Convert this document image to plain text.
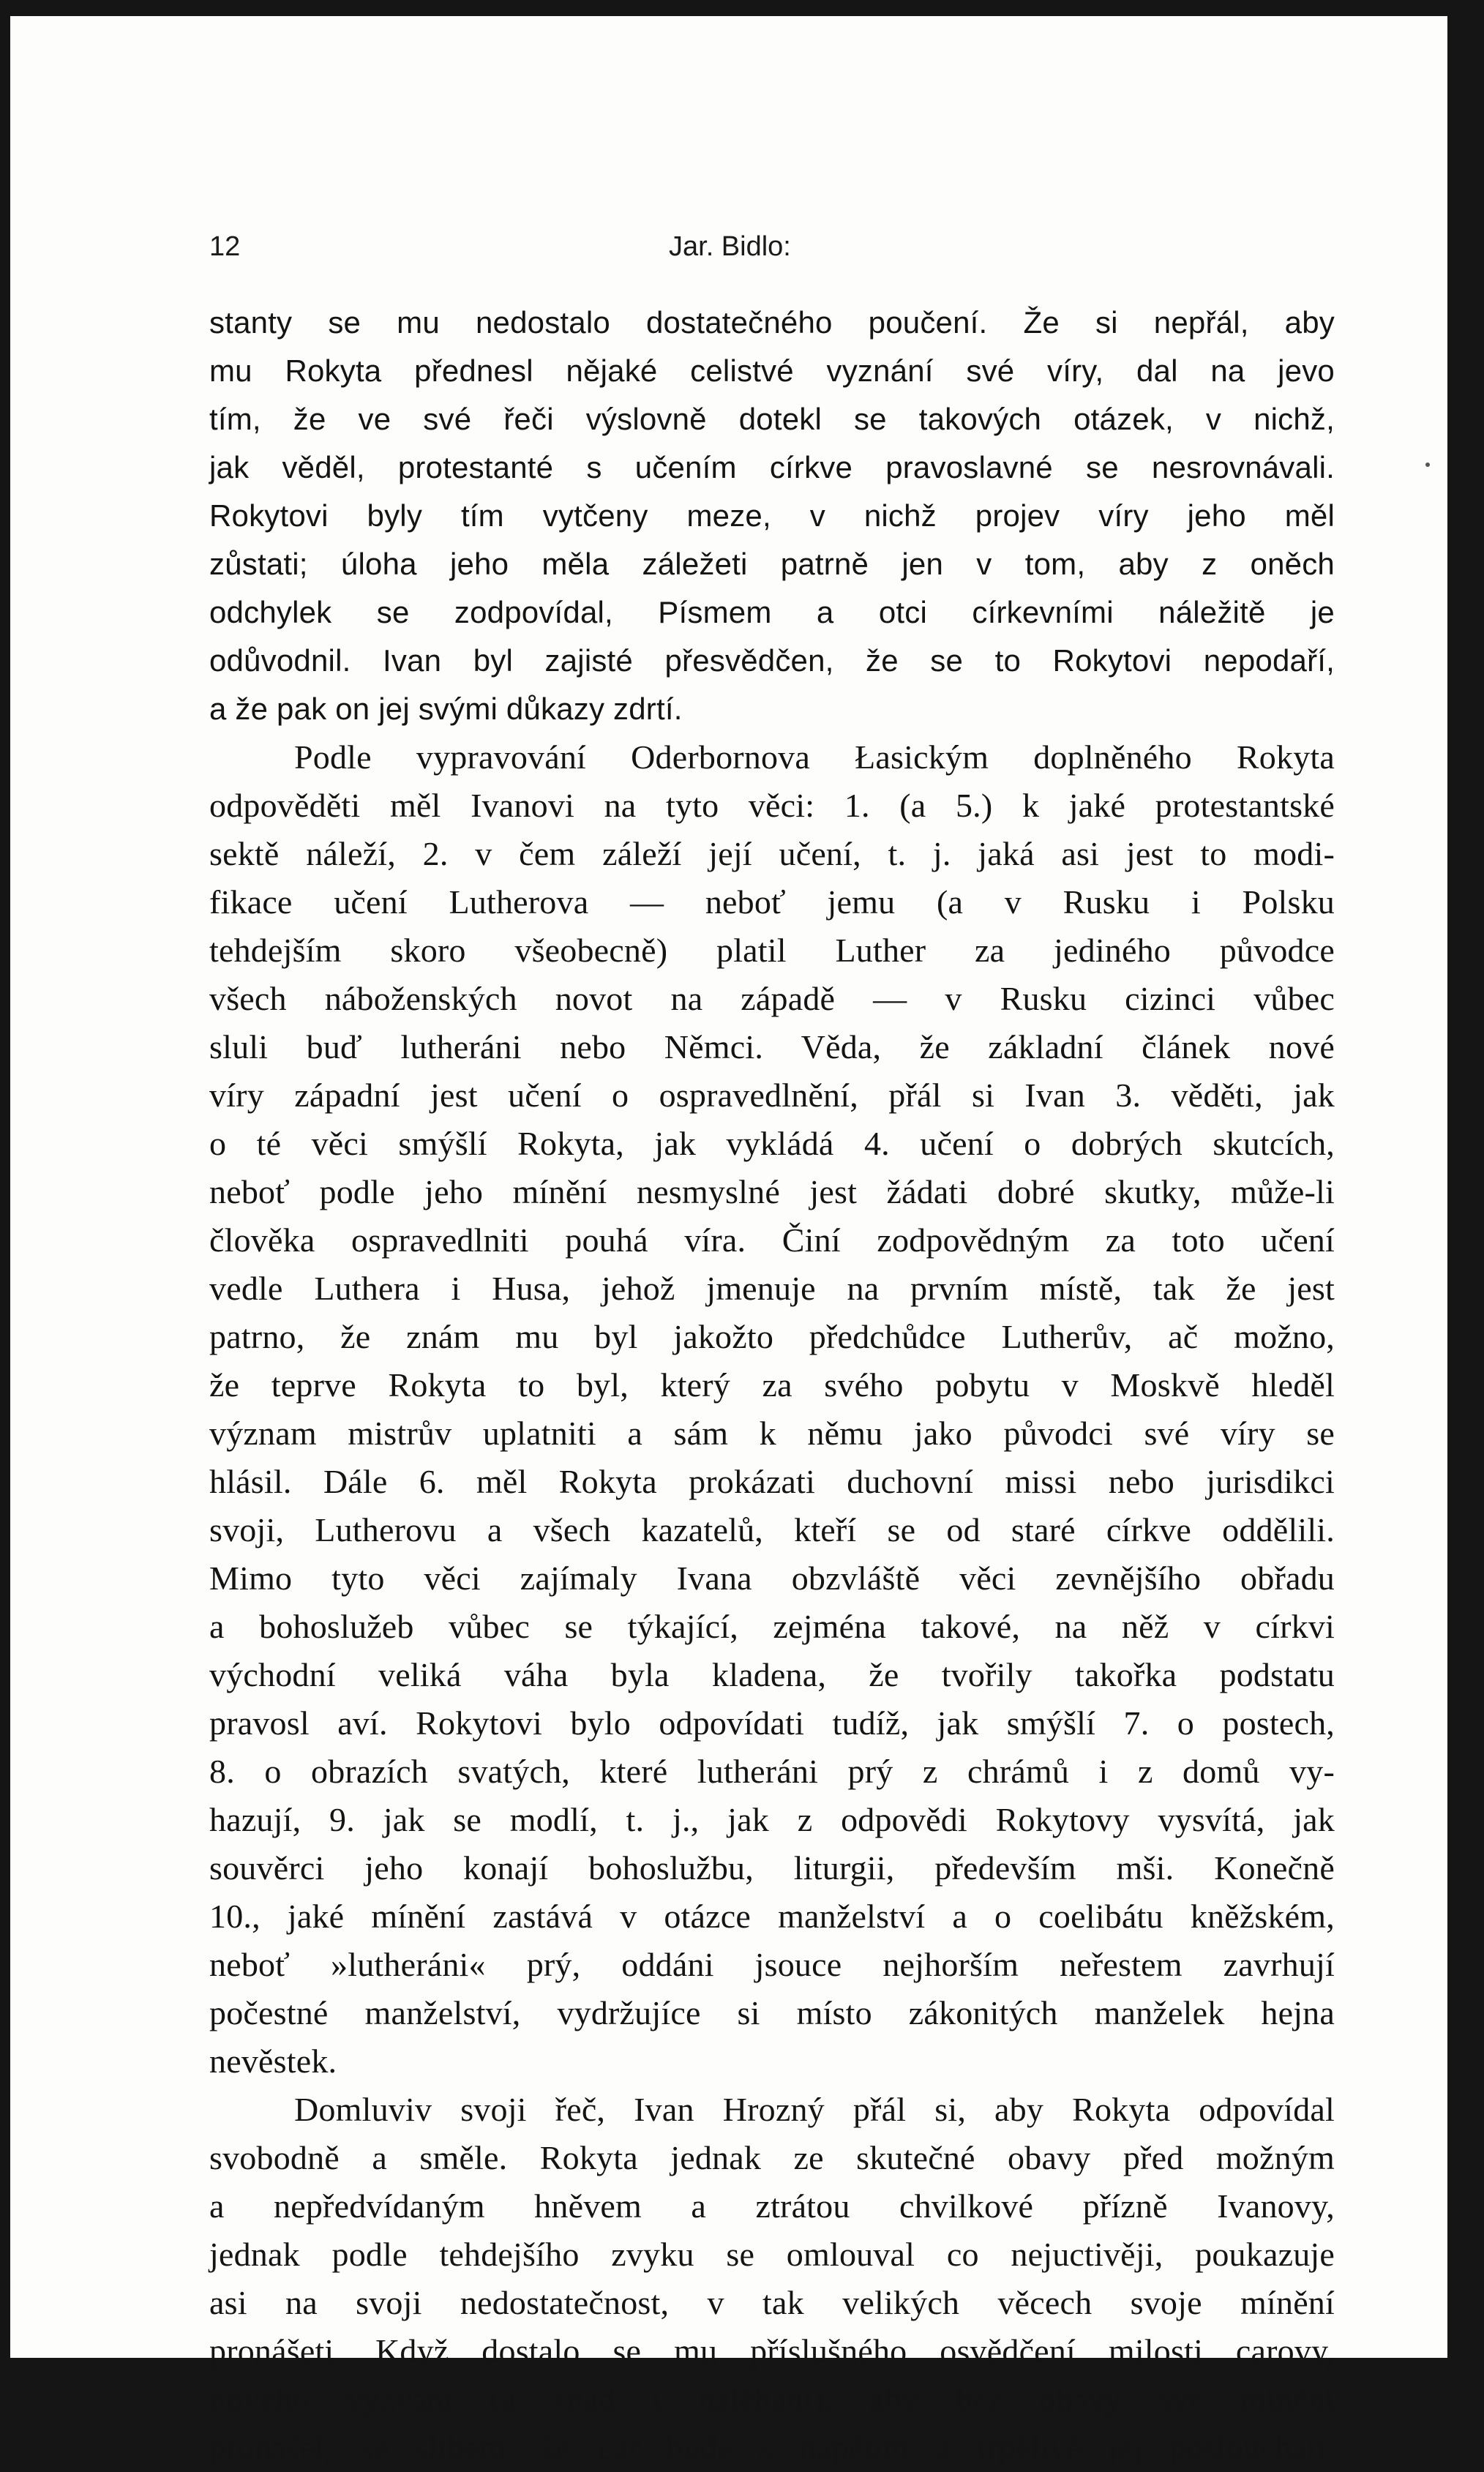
12	Jar. Bidlo:
stanty se mu nedostalo dostatečného poučení. Že si nepřál, aby
mu Rokyta přednesl nějaké celistvé vyznání své víry, dal na jevo
tím, že ve své řeči výslovně dotekl se takových otázek, v nichž,
jak věděl, protestanté s učením církve pravoslavné se nesrovnávali.
Rokytovi byly tím vytčeny meze, v nichž projev víry jeho měl
zůstati; úloha jeho měla záležeti patrně jen v tom, aby z oněch
odchylek se zodpovídal, Písmem a otci církevními náležitě je
odůvodnil. Ivan byl zajisté přesvědčen, že se to Rokytovi nepodaří,
a že pak on jej svými důkazy zdrtí.
Podle vypravování Oderbornova Łasickým doplněného Rokyta
odpověděti měl Ivanovi na tyto věci: 1. (a 5.) k jaké protestantské
sektě náleží, 2. v čem záleží její učení, t. j. jaká asi jest to modi-
fikace učení Lutherova — neboť jemu (a v Rusku i Polsku
tehdejším skoro všeobecně) platil Luther za jediného původce
všech náboženských novot na západě — v Rusku cizinci vůbec
sluli buď lutheráni nebo Němci. Věda, že základní článek nové
víry západní jest učení o ospravedlnění, přál si Ivan 3. věděti, jak
o té věci smýšlí Rokyta, jak vykládá 4. učení o dobrých skutcích,
neboť podle jeho mínění nesmyslné jest žádati dobré skutky, může-li
člověka ospravedlniti pouhá víra. Činí zodpovědným za toto učení
vedle Luthera i Husa, jehož jmenuje na prvním místě, tak že jest
patrno, že znám mu byl jakožto předchůdce Lutherův, ač možno,
že teprve Rokyta to byl, který za svého pobytu v Moskvě hleděl
význam mistrův uplatniti a sám k němu jako původci své víry se
hlásil. Dále 6. měl Rokyta prokázati duchovní missi nebo jurisdikci
svoji, Lutherovu a všech kazatelů, kteří se od staré církve oddělili.
Mimo tyto věci zajímaly Ivana obzvláště věci zevnějšího obřadu
a bohoslužeb vůbec se týkající, zejména takové, na něž v církvi
východní veliká váha byla kladena, že tvořily takořka podstatu
pravosl aví. Rokytovi bylo odpovídati tudíž, jak smýšlí 7. o postech,
8. o obrazích svatých, které lutheráni prý z chrámů i z domů vy-
hazují, 9. jak se modlí, t. j., jak z odpovědi Rokytovy vysvítá, jak
souvěrci jeho konají bohoslužbu, liturgii, především mši. Konečně
10., jaké mínění zastává v otázce manželství a o coelibátu kněžském,
neboť »lutheráni« prý, oddáni jsouce nejhorším neřestem zavrhují
počestné manželství, vydržujíce si místo zákonitých manželek hejna
nevěstek.
Domluviv svoji řeč, Ivan Hrozný přál si, aby Rokyta odpovídal
svobodně a směle. Rokyta jednak ze skutečné obavy před možným
a nepředvídaným hněvem a ztrátou chvilkové přízně Ivanovy,
jednak podle tehdejšího zvyku se omlouval co nejuctivěji, poukazuje
asi na svoji nedostatečnost, v tak velikých věcech svoje mínění
pronášeti. Když dostalo se mu příslušného osvědčení milosti carovy,
nového vyzvání (a snad i nalěhání), aby bez obavy své mínění
pronášel, se slibem, že car bude s napětím a trpělivě jej poslouchati,
